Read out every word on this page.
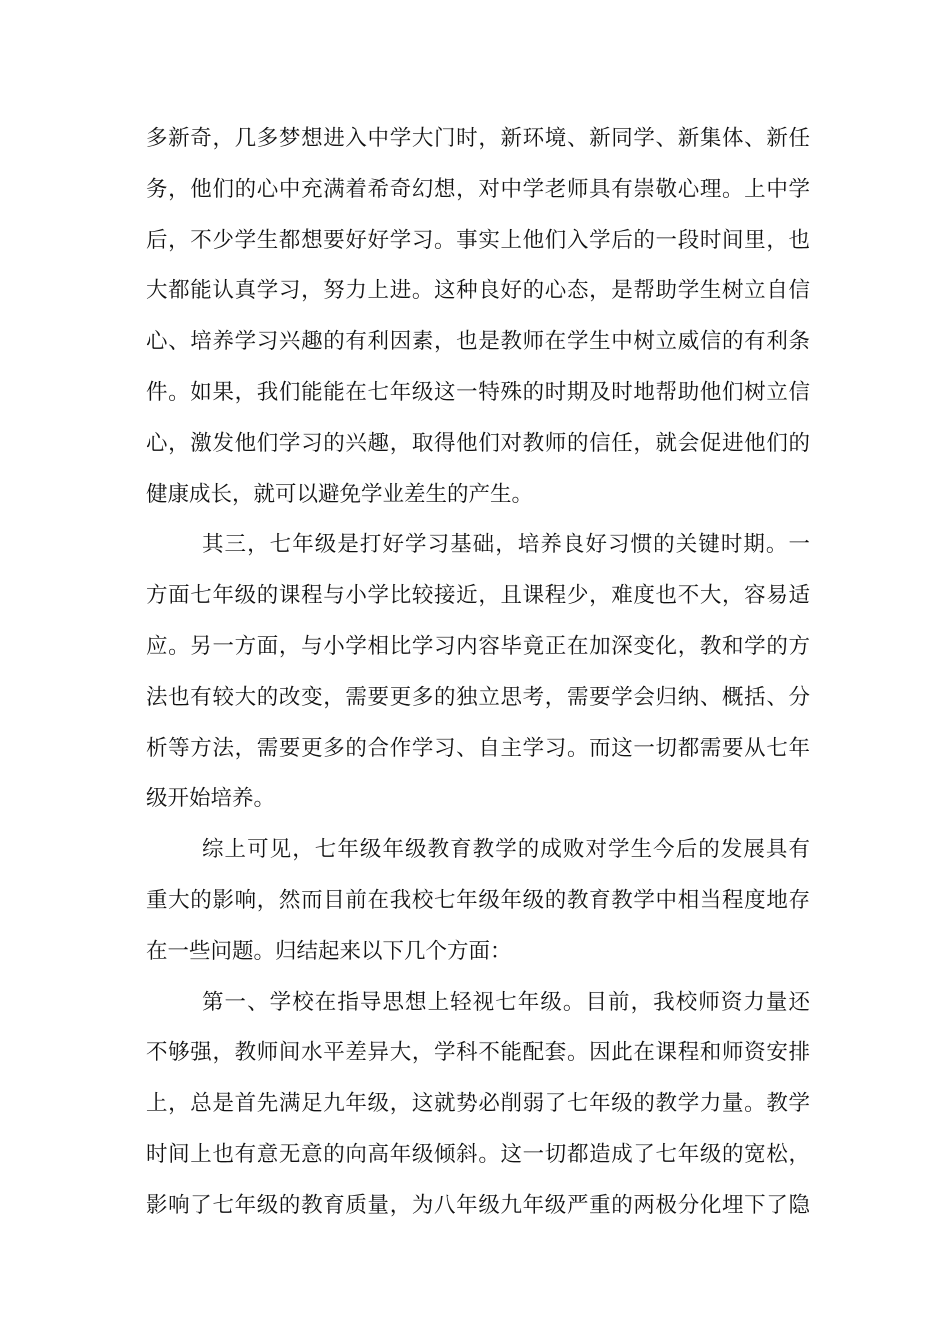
多新奇，几多梦想进入中学大门时，新环境、新同学、新集体、新任
务，他们的心中充满着希奇幻想，对中学老师具有崇敬心理。上中学
后，不少学生都想要好好学习。事实上他们入学后的一段时间里，也
大都能认真学习，努力上进。这种良好的心态，是帮助学生树立自信
心、培养学习兴趣的有利因素，也是教师在学生中树立威信的有利条
件。如果，我们能能在七年级这一特殊的时期及时地帮助他们树立信
心，激发他们学习的兴趣，取得他们对教师的信任，就会促进他们的
健康成长，就可以避免学业差生的产生。
其三，七年级是打好学习基础，培养良好习惯的关键时期。一
方面七年级的课程与小学比较接近，且课程少，难度也不大，容易适
应。另一方面，与小学相比学习内容毕竟正在加深变化，教和学的方
法也有较大的改变，需要更多的独立思考，需要学会归纳、概括、分
析等方法，需要更多的合作学习、自主学习。而这一切都需要从七年
级开始培养。
综上可见，七年级年级教育教学的成败对学生今后的发展具有
重大的影响，然而目前在我校七年级年级的教育教学中相当程度地存
在一些问题。归结起来以下几个方面：
第一、学校在指导思想上轻视七年级。目前，我校师资力量还
不够强，教师间水平差异大，学科不能配套。因此在课程和师资安排
上，总是首先满足九年级，这就势必削弱了七年级的教学力量。教学
时间上也有意无意的向高年级倾斜。这一切都造成了七年级的宽松，
影响了七年级的教育质量，为八年级九年级严重的两极分化埋下了隐
